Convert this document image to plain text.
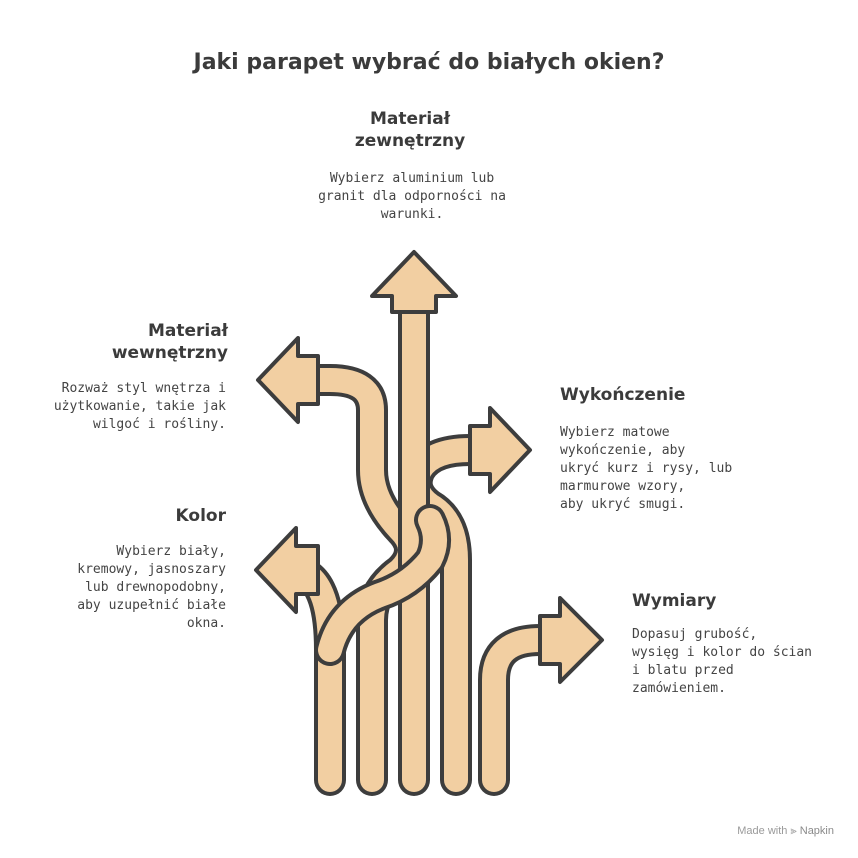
Jaki parapet wybrać do białych okien?
Materiał
zewnętrzny
Wybierz aluminium lub
granit dla odporności na
warunki.
Materiał
wewnętrzny
Rozważ styl wnętrza i
użytkowanie, takie jak
wilgoć i rośliny.
Kolor
Wybierz biały,
kremowy, jasnoszary
lub drewnopodobny,
aby uzupełnić białe
okna.
Wykończenie
Wybierz matowe
wykończenie, aby
ukryć kurz i rysy, lub
marmurowe wzory,
aby ukryć smugi.
Wymiary
Dopasuj grubość,
wysięg i kolor do ścian
i blatu przed
zamówieniem.
Made with ⫸ Napkin
